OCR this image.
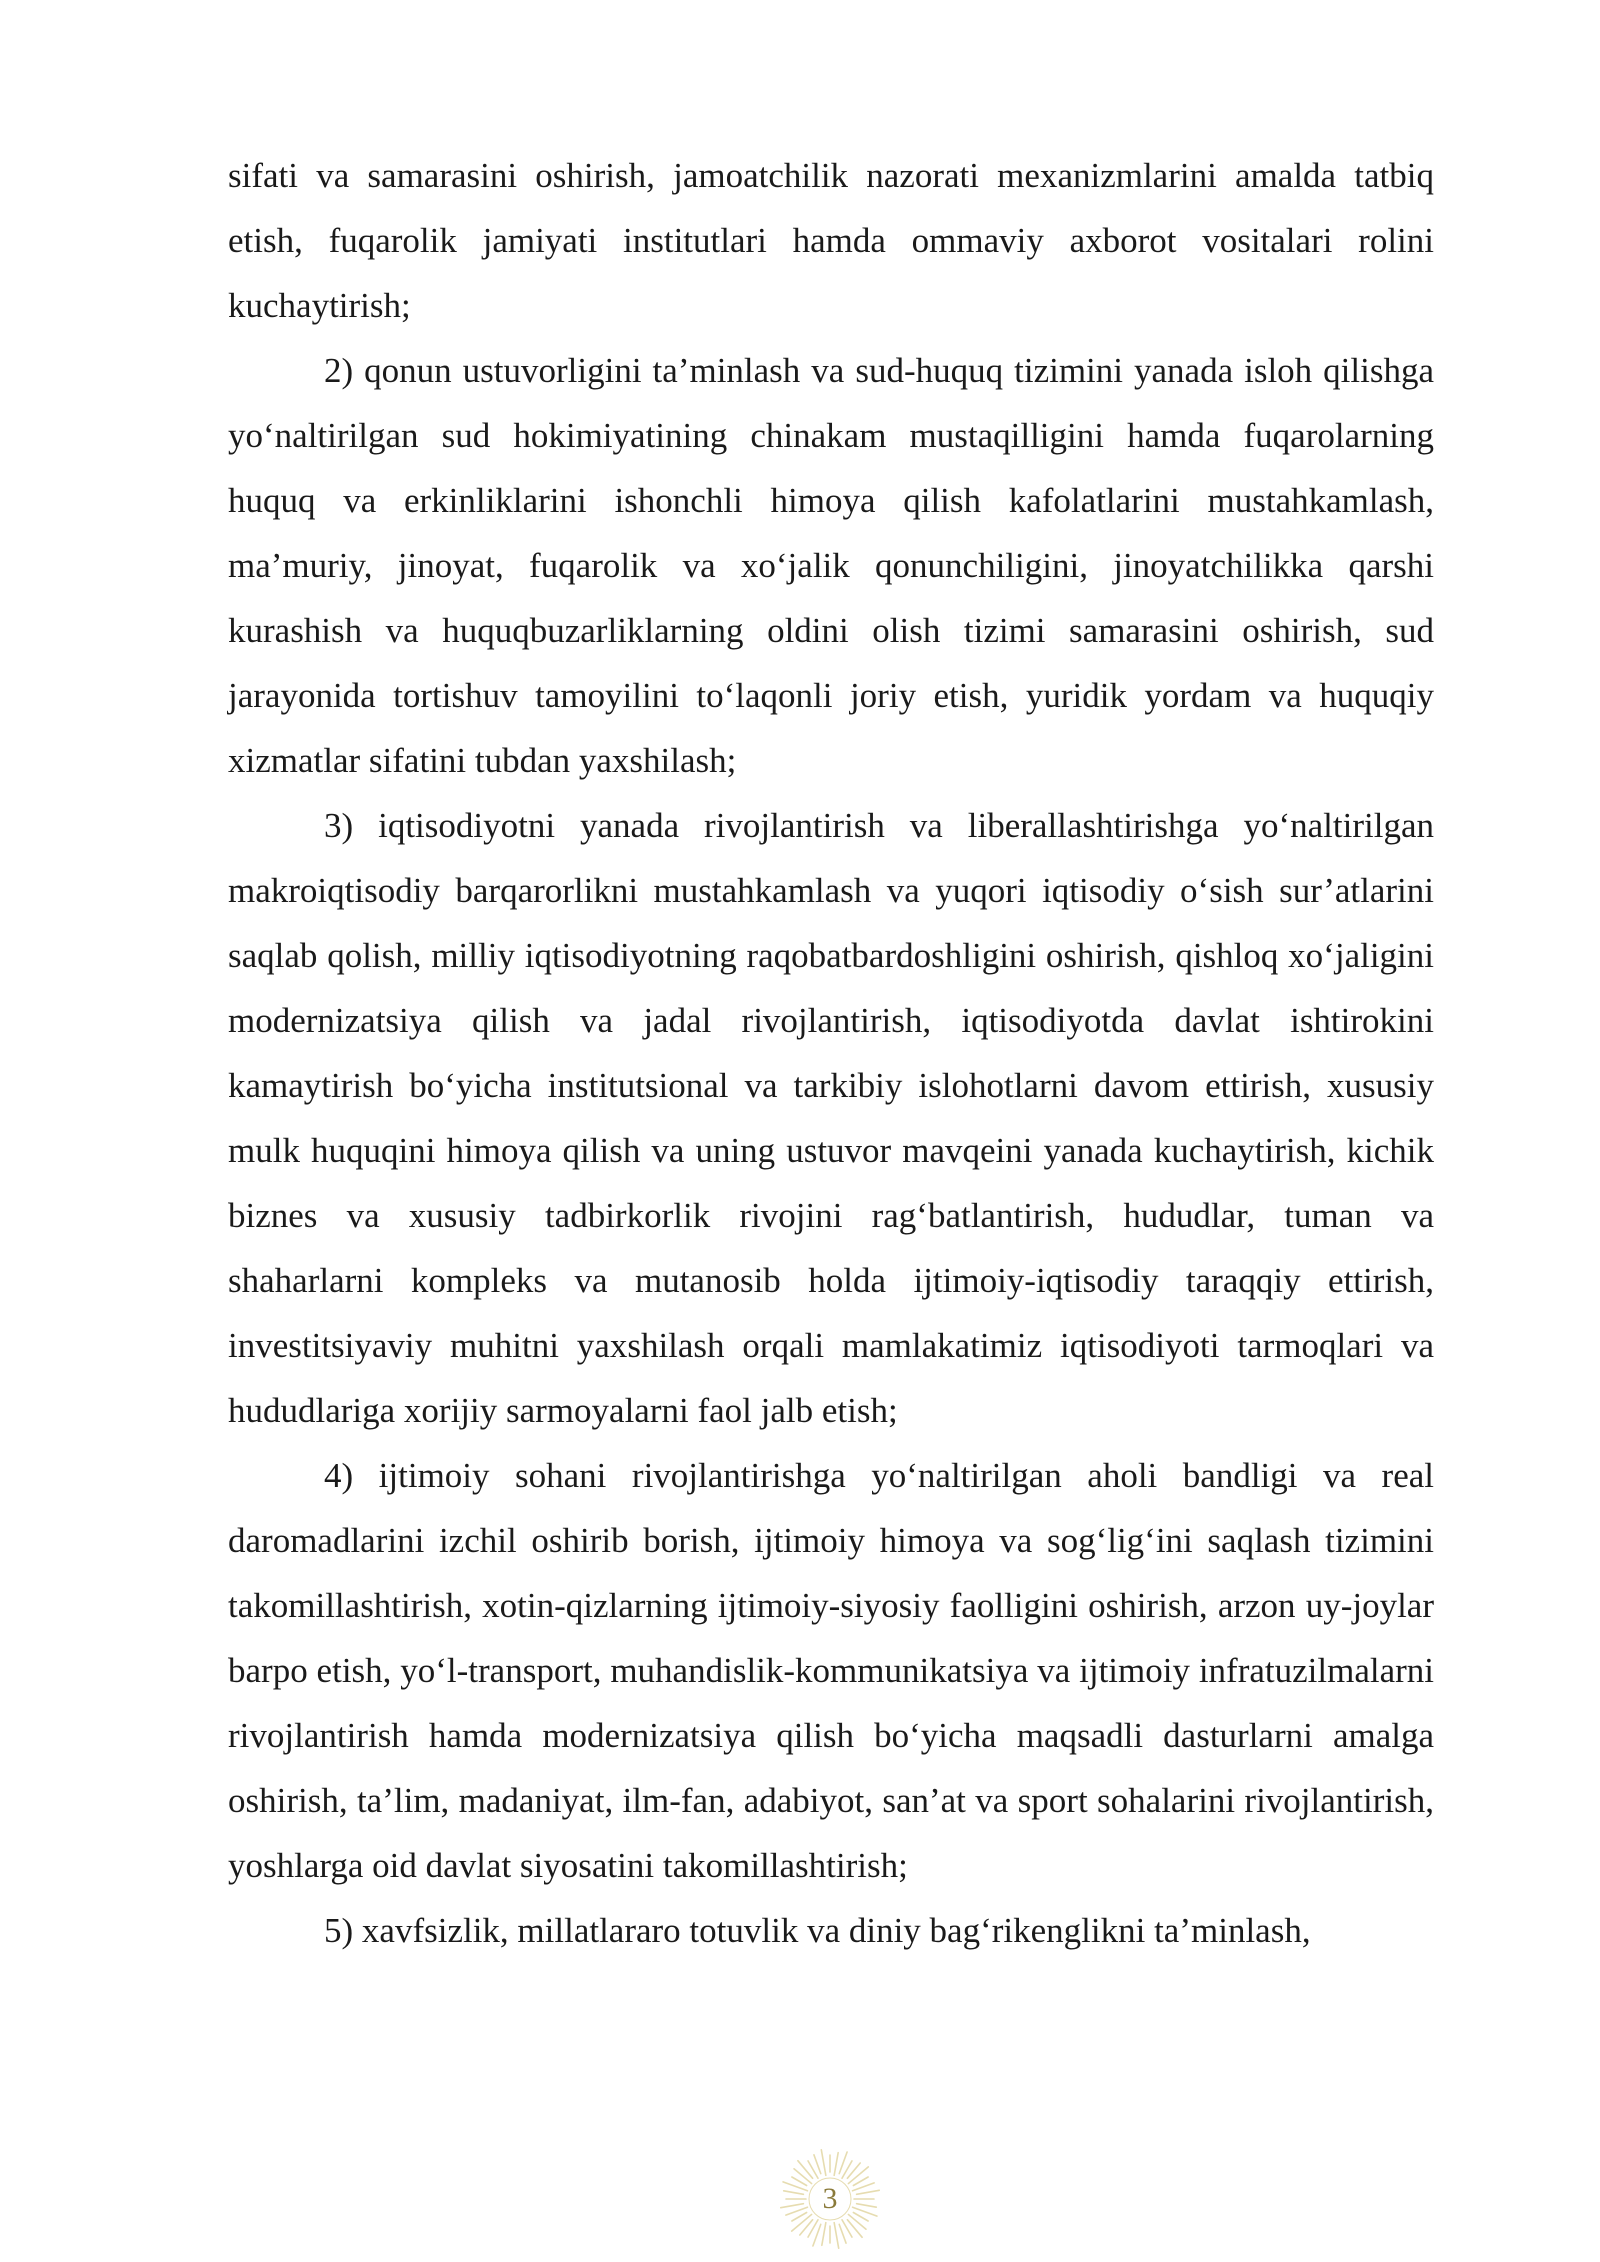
sifati va samarasini oshirish, jamoatchilik nazorati mexanizmlarini amalda tatbiq etish, fuqarolik jamiyati institutlari hamda ommaviy axborot vositalari rolini kuchaytirish;

2) qonun ustuvorligini ta’minlash va sud-huquq tizimini yanada isloh qilishga yo‘naltirilgan sud hokimiyatining chinakam mustaqilligini hamda fuqarolarning huquq va erkinliklarini ishonchli himoya qilish kafolatlarini mustahkamlash, ma’muriy, jinoyat, fuqarolik va xo‘jalik qonunchiligini, jinoyatchilikka qarshi kurashish va huquqbuzarliklarning oldini olish tizimi samarasini oshirish, sud jarayonida tortishuv tamoyilini to‘laqonli joriy etish, yuridik yordam va huquqiy xizmatlar sifatini tubdan yaxshilash;

3) iqtisodiyotni yanada rivojlantirish va liberallashtirishga yo‘naltirilgan makroiqtisodiy barqarorlikni mustahkamlash va yuqori iqtisodiy o‘sish sur’atlarini saqlab qolish, milliy iqtisodiyotning raqobatbardoshligini oshirish, qishloq xo‘jaligini modernizatsiya qilish va jadal rivojlantirish, iqtisodiyotda davlat ishtirokini kamaytirish bo‘yicha institutsional va tarkibiy islohotlarni davom ettirish, xususiy mulk huquqini himoya qilish va uning ustuvor mavqeini yanada kuchaytirish, kichik biznes va xususiy tadbirkorlik rivojini rag‘batlantirish, hududlar, tuman va shaharlarni kompleks va mutanosib holda ijtimoiy-iqtisodiy taraqqiy ettirish, investitsiyaviy muhitni yaxshilash orqali mamlakatimiz iqtisodiyoti tarmoqlari va hududlariga xorijiy sarmoyalarni faol jalb etish;

4) ijtimoiy sohani rivojlantirishga yo‘naltirilgan aholi bandligi va real daromadlarini izchil oshirib borish, ijtimoiy himoya va sog‘lig‘ini saqlash tizimini takomillashtirish, xotin-qizlarning ijtimoiy-siyosiy faolligini oshirish, arzon uy-joylar barpo etish, yo‘l-transport, muhandislik-kommunikatsiya va ijtimoiy infratuzilmalarni rivojlantirish hamda modernizatsiya qilish bo‘yicha maqsadli dasturlarni amalga oshirish, ta’lim, madaniyat, ilm-fan, adabiyot, san’at va sport sohalarini rivojlantirish, yoshlarga oid davlat siyosatini takomillashtirish;

5) xavfsizlik, millatlararo totuvlik va diniy bag‘rikenglikni ta’minlash,

3
